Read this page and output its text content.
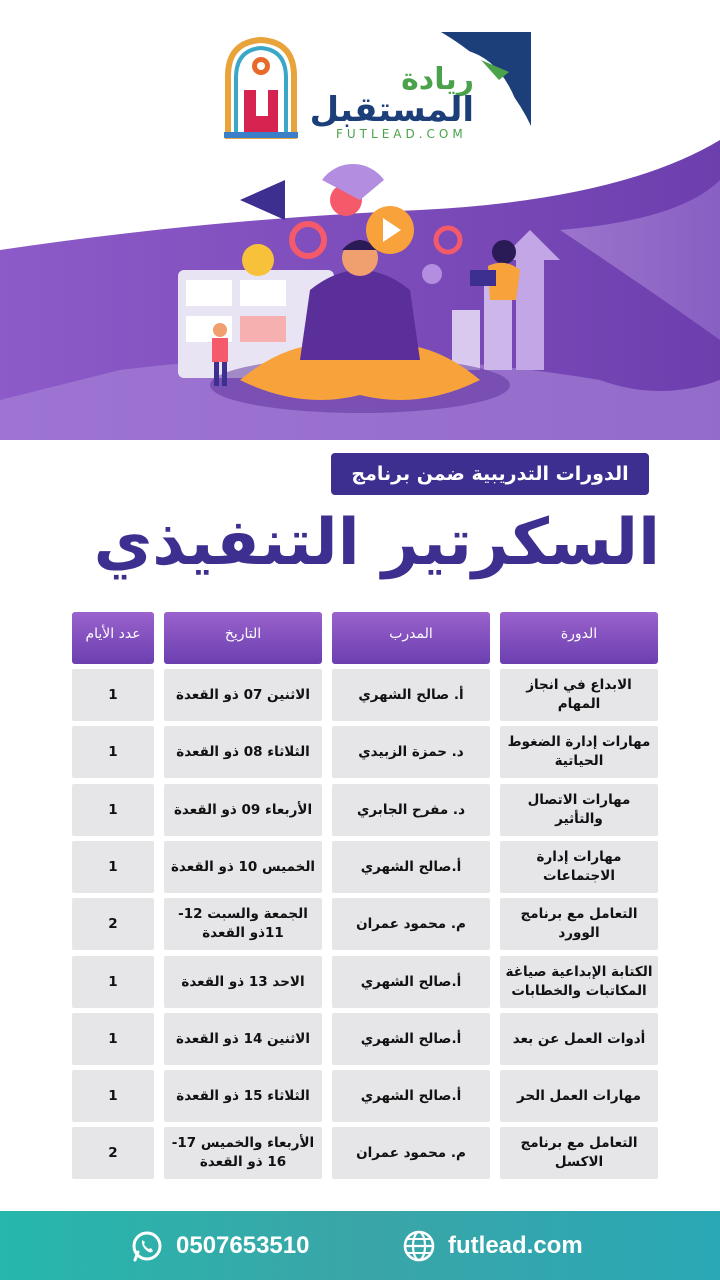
ريادة
المستقبل
FUTLEAD.COM
الدورات التدريبية ضمن برنامج
السكرتير التنفيذي
الدورة
المدرب
التاريخ
عدد الأيام
الابداع في انجاز المهام
أ. صالح الشهري
الاثنين 07 ذو القعدة
1
مهارات إدارة الضغوط الحياتية
د. حمزة الزبيدي
الثلاثاء 08 ذو القعدة
1
مهارات الاتصال والتأثير
د. مفرح الجابري
الأربعاء 09 ذو القعدة
1
مهارات إدارة الاجتماعات
أ.صالح الشهري
الخميس 10 ذو القعدة
1
التعامل مع برنامج الوورد
م. محمود عمران
الجمعة والسبت 12-11ذو القعدة
2
الكتابة الإبداعية صياغة المكاتبات والخطابات
أ.صالح الشهري
الاحد 13 ذو القعدة
1
أدوات العمل عن بعد
أ.صالح الشهري
الاثنين 14 ذو القعدة
1
مهارات العمل الحر
أ.صالح الشهري
الثلاثاء 15 ذو القعدة
1
التعامل مع برنامج الاكسل
م. محمود عمران
الأربعاء والخميس 17-16 ذو القعدة
2
0507653510	futlead.com
